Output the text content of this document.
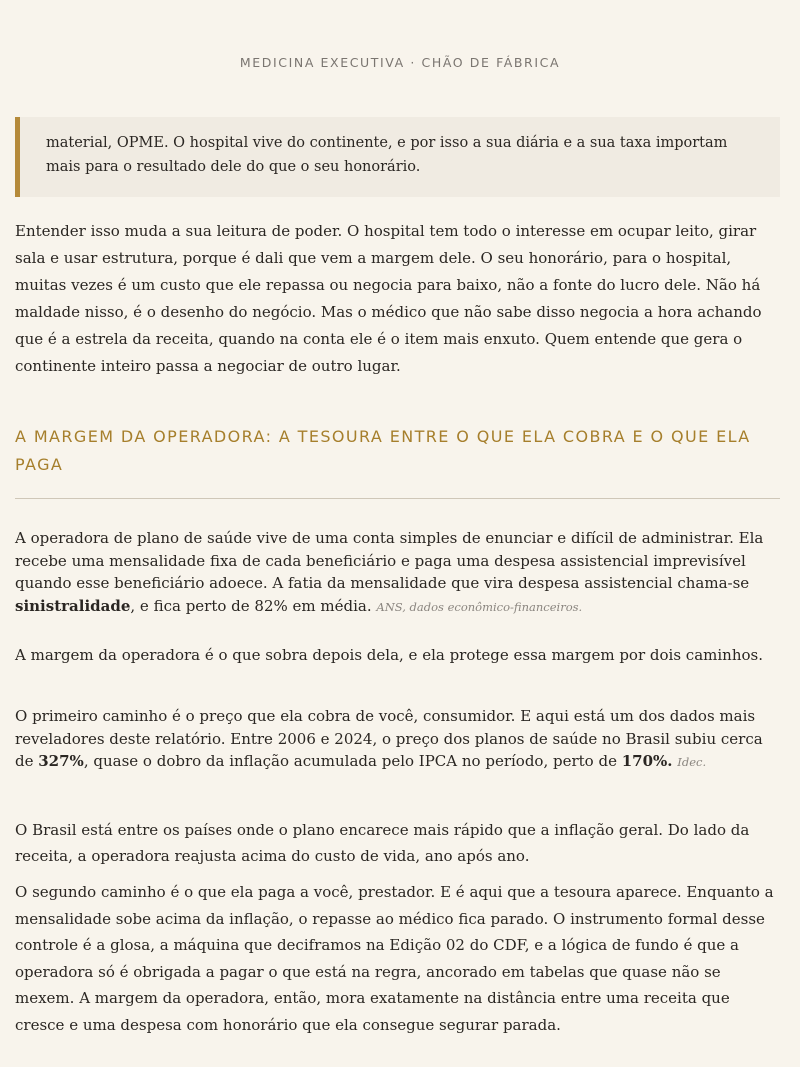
MEDICINA EXECUTIVA · CHÃO DE FÁBRICA
material, OPME. O hospital vive do continente, e por isso a sua diária e a sua taxa importam mais para o resultado dele do que o seu honorário.

Entender isso muda a sua leitura de poder. O hospital tem todo o interesse em ocupar leito, girar sala e usar estrutura, porque é dali que vem a margem dele. O seu honorário, para o hospital, muitas vezes é um custo que ele repassa ou negocia para baixo, não a fonte do lucro dele. Não há maldade nisso, é o desenho do negócio. Mas o médico que não sabe disso negocia a hora achando que é a estrela da receita, quando na conta ele é o item mais enxuto. Quem entende que gera o continente inteiro passa a negociar de outro lugar.

A MARGEM DA OPERADORA: A TESOURA ENTRE O QUE ELA COBRA E O QUE ELA PAGA

A operadora de plano de saúde vive de uma conta simples de enunciar e difícil de administrar. Ela recebe uma mensalidade fixa de cada beneficiário e paga uma despesa assistencial imprevisível quando esse beneficiário adoece. A fatia da mensalidade que vira despesa assistencial chama-se sinistralidade, e fica perto de 82% em média. ANS, dados econômico-financeiros.

A margem da operadora é o que sobra depois dela, e ela protege essa margem por dois caminhos.

O primeiro caminho é o preço que ela cobra de você, consumidor. E aqui está um dos dados mais reveladores deste relatório. Entre 2006 e 2024, o preço dos planos de saúde no Brasil subiu cerca de 327%, quase o dobro da inflação acumulada pelo IPCA no período, perto de 170%. Idec.

O Brasil está entre os países onde o plano encarece mais rápido que a inflação geral. Do lado da receita, a operadora reajusta acima do custo de vida, ano após ano.

O segundo caminho é o que ela paga a você, prestador. E é aqui que a tesoura aparece. Enquanto a mensalidade sobe acima da inflação, o repasse ao médico fica parado. O instrumento formal desse controle é a glosa, a máquina que deciframos na Edição 02 do CDF, e a lógica de fundo é que a operadora só é obrigada a pagar o que está na regra, ancorado em tabelas que quase não se mexem. A margem da operadora, então, mora exatamente na distância entre uma receita que cresce e uma despesa com honorário que ela consegue segurar parada.
